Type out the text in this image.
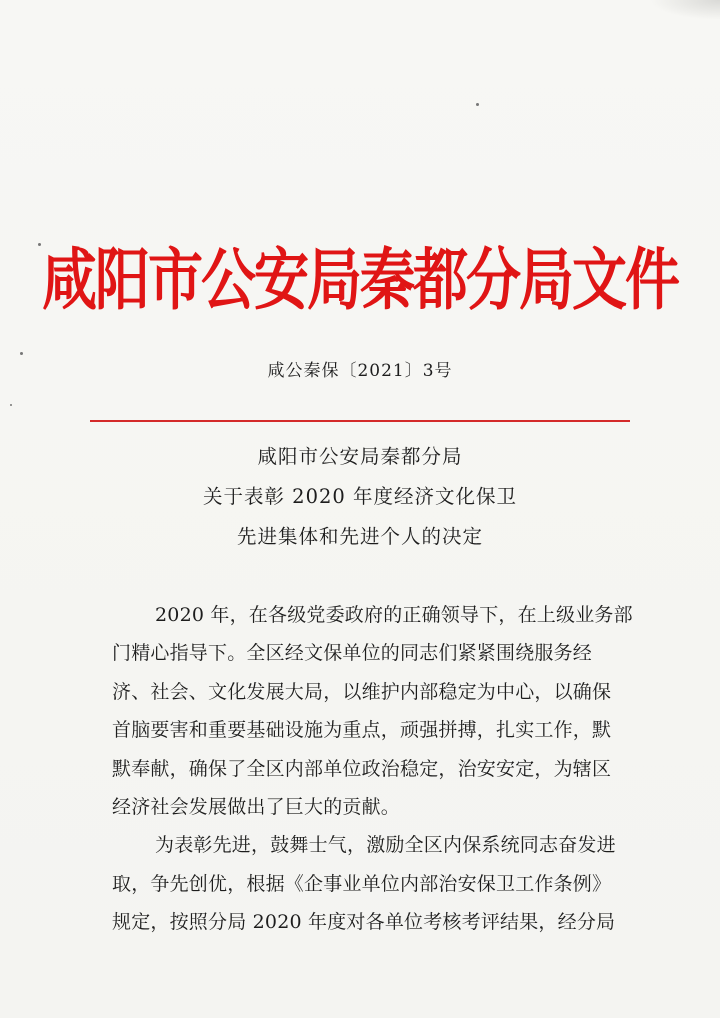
咸阳市公安局秦都分局文件
咸公秦保〔2021〕3号
咸阳市公安局秦都分局
关于表彰 2020 年度经济文化保卫
先进集体和先进个人的决定
2020 年，在各级党委政府的正确领导下，在上级业务部
门精心指导下。全区经文保单位的同志们紧紧围绕服务经
济、社会、文化发展大局，以维护内部稳定为中心，以确保
首脑要害和重要基础设施为重点，顽强拼搏，扎实工作，默
默奉献，确保了全区内部单位政治稳定，治安安定，为辖区
经济社会发展做出了巨大的贡献。
为表彰先进，鼓舞士气，激励全区内保系统同志奋发进
取，争先创优，根据《企事业单位内部治安保卫工作条例》
规定，按照分局 2020 年度对各单位考核考评结果，经分局
